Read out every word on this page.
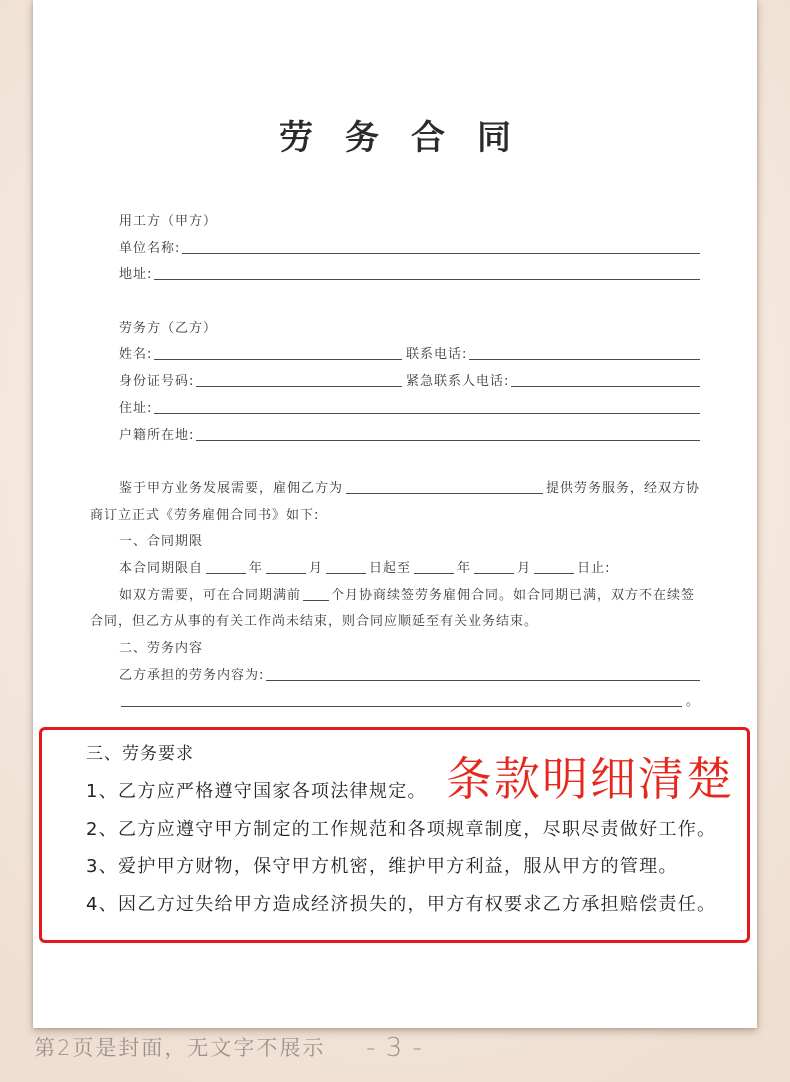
劳务合同
用工方（甲方）
单位名称:
地址:
劳务方（乙方）
姓名:	联系电话:
身份证号码:	紧急联系人电话:
住址:
户籍所在地:
鉴于甲方业务发展需要，雇佣乙方为	提供劳务服务，经双方协
商订立正式《劳务雇佣合同书》如下:
一、合同期限
本合同期限自	年	月	日起至	年	月	日止:
如双方需要，可在合同期满前 个月协商续签劳务雇佣合同。如合同期已满，双方不在续签
合同，但乙方从事的有关工作尚未结束，则合同应顺延至有关业务结束。
二、劳务内容
乙方承担的劳务内容为:
。
三、劳务要求
1、乙方应严格遵守国家各项法律规定。
2、乙方应遵守甲方制定的工作规范和各项规章制度，尽职尽责做好工作。
3、爱护甲方财物，保守甲方机密，维护甲方利益，服从甲方的管理。
4、因乙方过失给甲方造成经济损失的，甲方有权要求乙方承担赔偿责任。
条款明细清楚
第2页是封面，无文字不展示 - 3 -
